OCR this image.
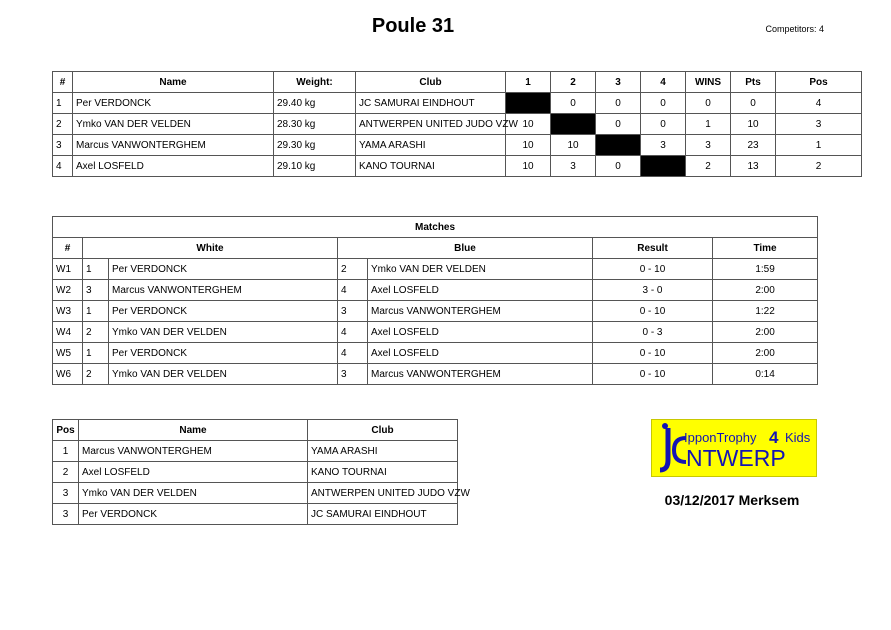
Poule 31	Competitors: 4
#	Name	Weight:	Club	1	2	3	4	WINS	Pts	Pos
1	Per VERDONCK	29.40 kg	JC SAMURAI EINDHOUT		0	0	0	0	0	4
2	Ymko VAN DER VELDEN	28.30 kg	ANTWERPEN UNITED JUDO VZW	10		0	0	1	10	3
3	Marcus VANWONTERGHEM	29.30 kg	YAMA ARASHI	10	10		3	3	23	1
4	Axel LOSFELD	29.10 kg	KANO TOURNAI	10	3	0		2	13	2
Matches						
#	White		Blue		Result	Time
W1	1	Per VERDONCK	2	Ymko VAN DER VELDEN	0 - 10	1:59
W2	3	Marcus VANWONTERGHEM	4	Axel LOSFELD	3 - 0	2:00
W3	1	Per VERDONCK	3	Marcus VANWONTERGHEM	0 - 10	1:22
W4	2	Ymko VAN DER VELDEN	4	Axel LOSFELD	0 - 3	2:00
W5	1	Per VERDONCK	4	Axel LOSFELD	0 - 10	2:00
W6	2	Ymko VAN DER VELDEN	3	Marcus VANWONTERGHEM	0 - 10	0:14
Pos	Name	Club
1	Marcus VANWONTERGHEM	YAMA ARASHI
2	Axel LOSFELD	KANO TOURNAI
3	Ymko VAN DER VELDEN	ANTWERPEN UNITED JUDO VZW
3	Per VERDONCK	JC SAMURAI EINDHOUT
IpponTrophy 4 Kids
NTWERP
03/12/2017 Merksem
